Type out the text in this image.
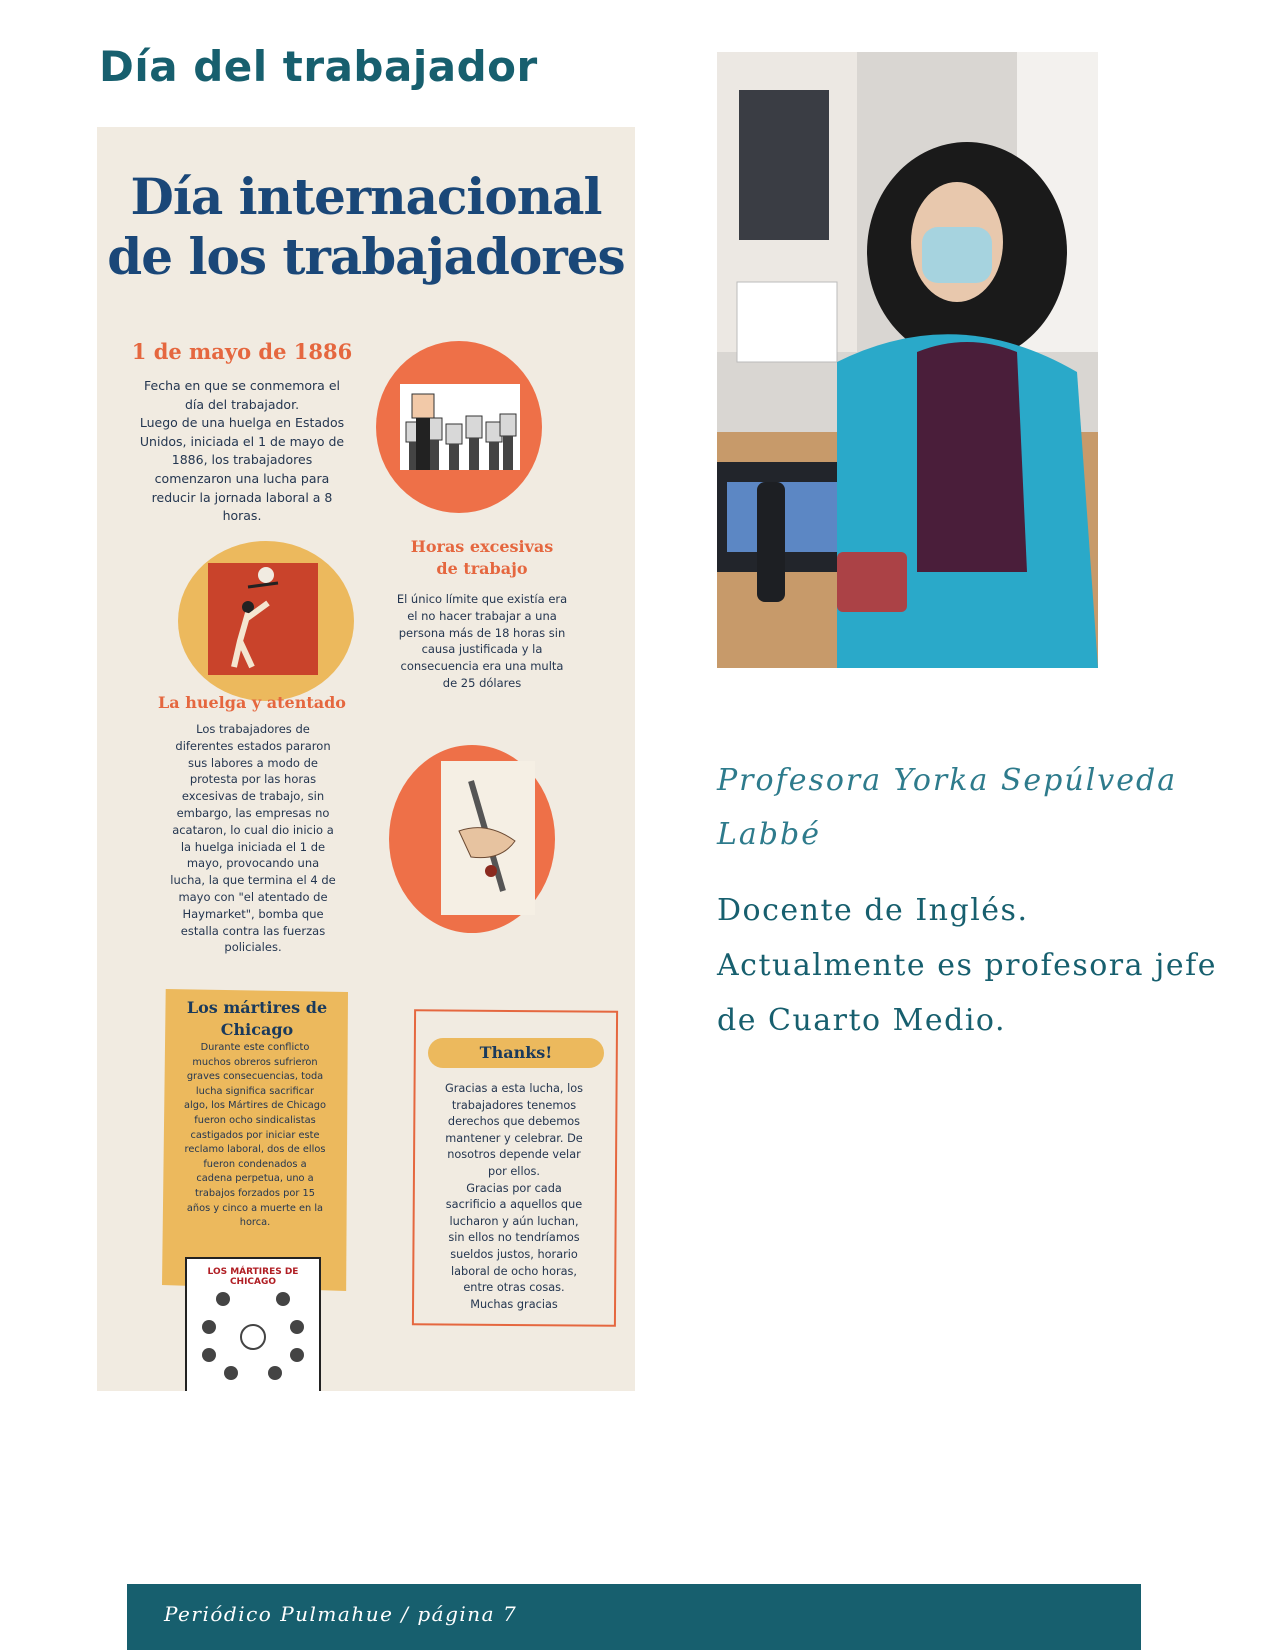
Día del trabajador
Día internacional
de los trabajadores
1 de mayo de 1886

Fecha en que se conmemora el
día del trabajador.
Luego de una huelga en Estados
Unidos, iniciada el 1 de mayo de
1886, los trabajadores
comenzaron una lucha para
reducir la jornada laboral a 8
horas.

Horas excesivas de trabajo

El único límite que existía era
el no hacer trabajar a una
persona más de 18 horas sin
causa justificada y la
consecuencia era una multa
de 25 dólares

La huelga y atentado

Los trabajadores de
diferentes estados pararon
sus labores a modo de
protesta por las horas
excesivas de trabajo, sin
embargo, las empresas no
acataron, lo cual dio inicio a
la huelga iniciada el 1 de
mayo, provocando una
lucha, la que termina el 4 de
mayo con "el atentado de
Haymarket", bomba que
estalla contra las fuerzas
policiales.

Los mártires de
Chicago

Durante este conflicto
muchos obreros sufrieron
graves consecuencias, toda
lucha significa sacrificar
algo, los Mártires de Chicago
fueron ocho sindicalistas
castigados por iniciar este
reclamo laboral, dos de ellos
fueron condenados a
cadena perpetua, uno a
trabajos forzados por 15
años y cinco a muerte en la
horca.

LOS MÁRTIRES DE CHICAGO
Thanks!

Gracias a esta lucha, los
trabajadores tenemos
derechos que debemos
mantener y celebrar. De
nosotros depende velar
por ellos.
Gracias por cada
sacrificio a aquellos que
lucharon y aún luchan,
sin ellos no tendríamos
sueldos justos, horario
laboral de ocho horas,
entre otras cosas.
Muchas gracias

Profesora Yorka Sepúlveda Labbé

Docente de Inglés.
Actualmente es profesora jefe
de Cuarto Medio.

Periódico Pulmahue / página 7
